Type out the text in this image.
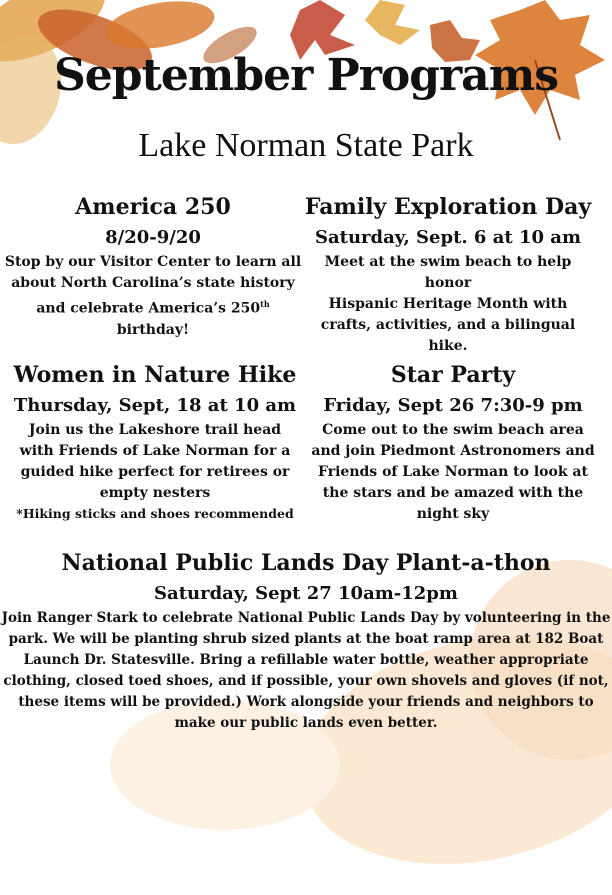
September Programs
Lake Norman State Park
America 250
8/20-9/20
Stop by our Visitor Center to learn all
about North Carolina’s state history
and celebrate America’s 250th
birthday!
Family Exploration Day
Saturday, Sept. 6 at 10 am
Meet at the swim beach to help honor
Hispanic Heritage Month with
crafts, activities, and a bilingual hike.
Women in Nature Hike
Thursday, Sept, 18 at 10 am
Join us the Lakeshore trail head
with Friends of Lake Norman for a
guided hike perfect for retirees or
empty nesters
*Hiking sticks and shoes recommended
Star Party
Friday, Sept 26 7:30-9 pm
Come out to the swim beach area
and join Piedmont Astronomers and
Friends of Lake Norman to look at
the stars and be amazed with the
night sky
National Public Lands Day Plant-a-thon
Saturday, Sept 27 10am-12pm
Join Ranger Stark to celebrate National Public Lands Day by volunteering in the
park. We will be planting shrub sized plants at the boat ramp area at 182 Boat
Launch Dr. Statesville. Bring a refillable water bottle, weather appropriate
clothing, closed toed shoes, and if possible, your own shovels and gloves (if not,
these items will be provided.) Work alongside your friends and neighbors to
make our public lands even better.
